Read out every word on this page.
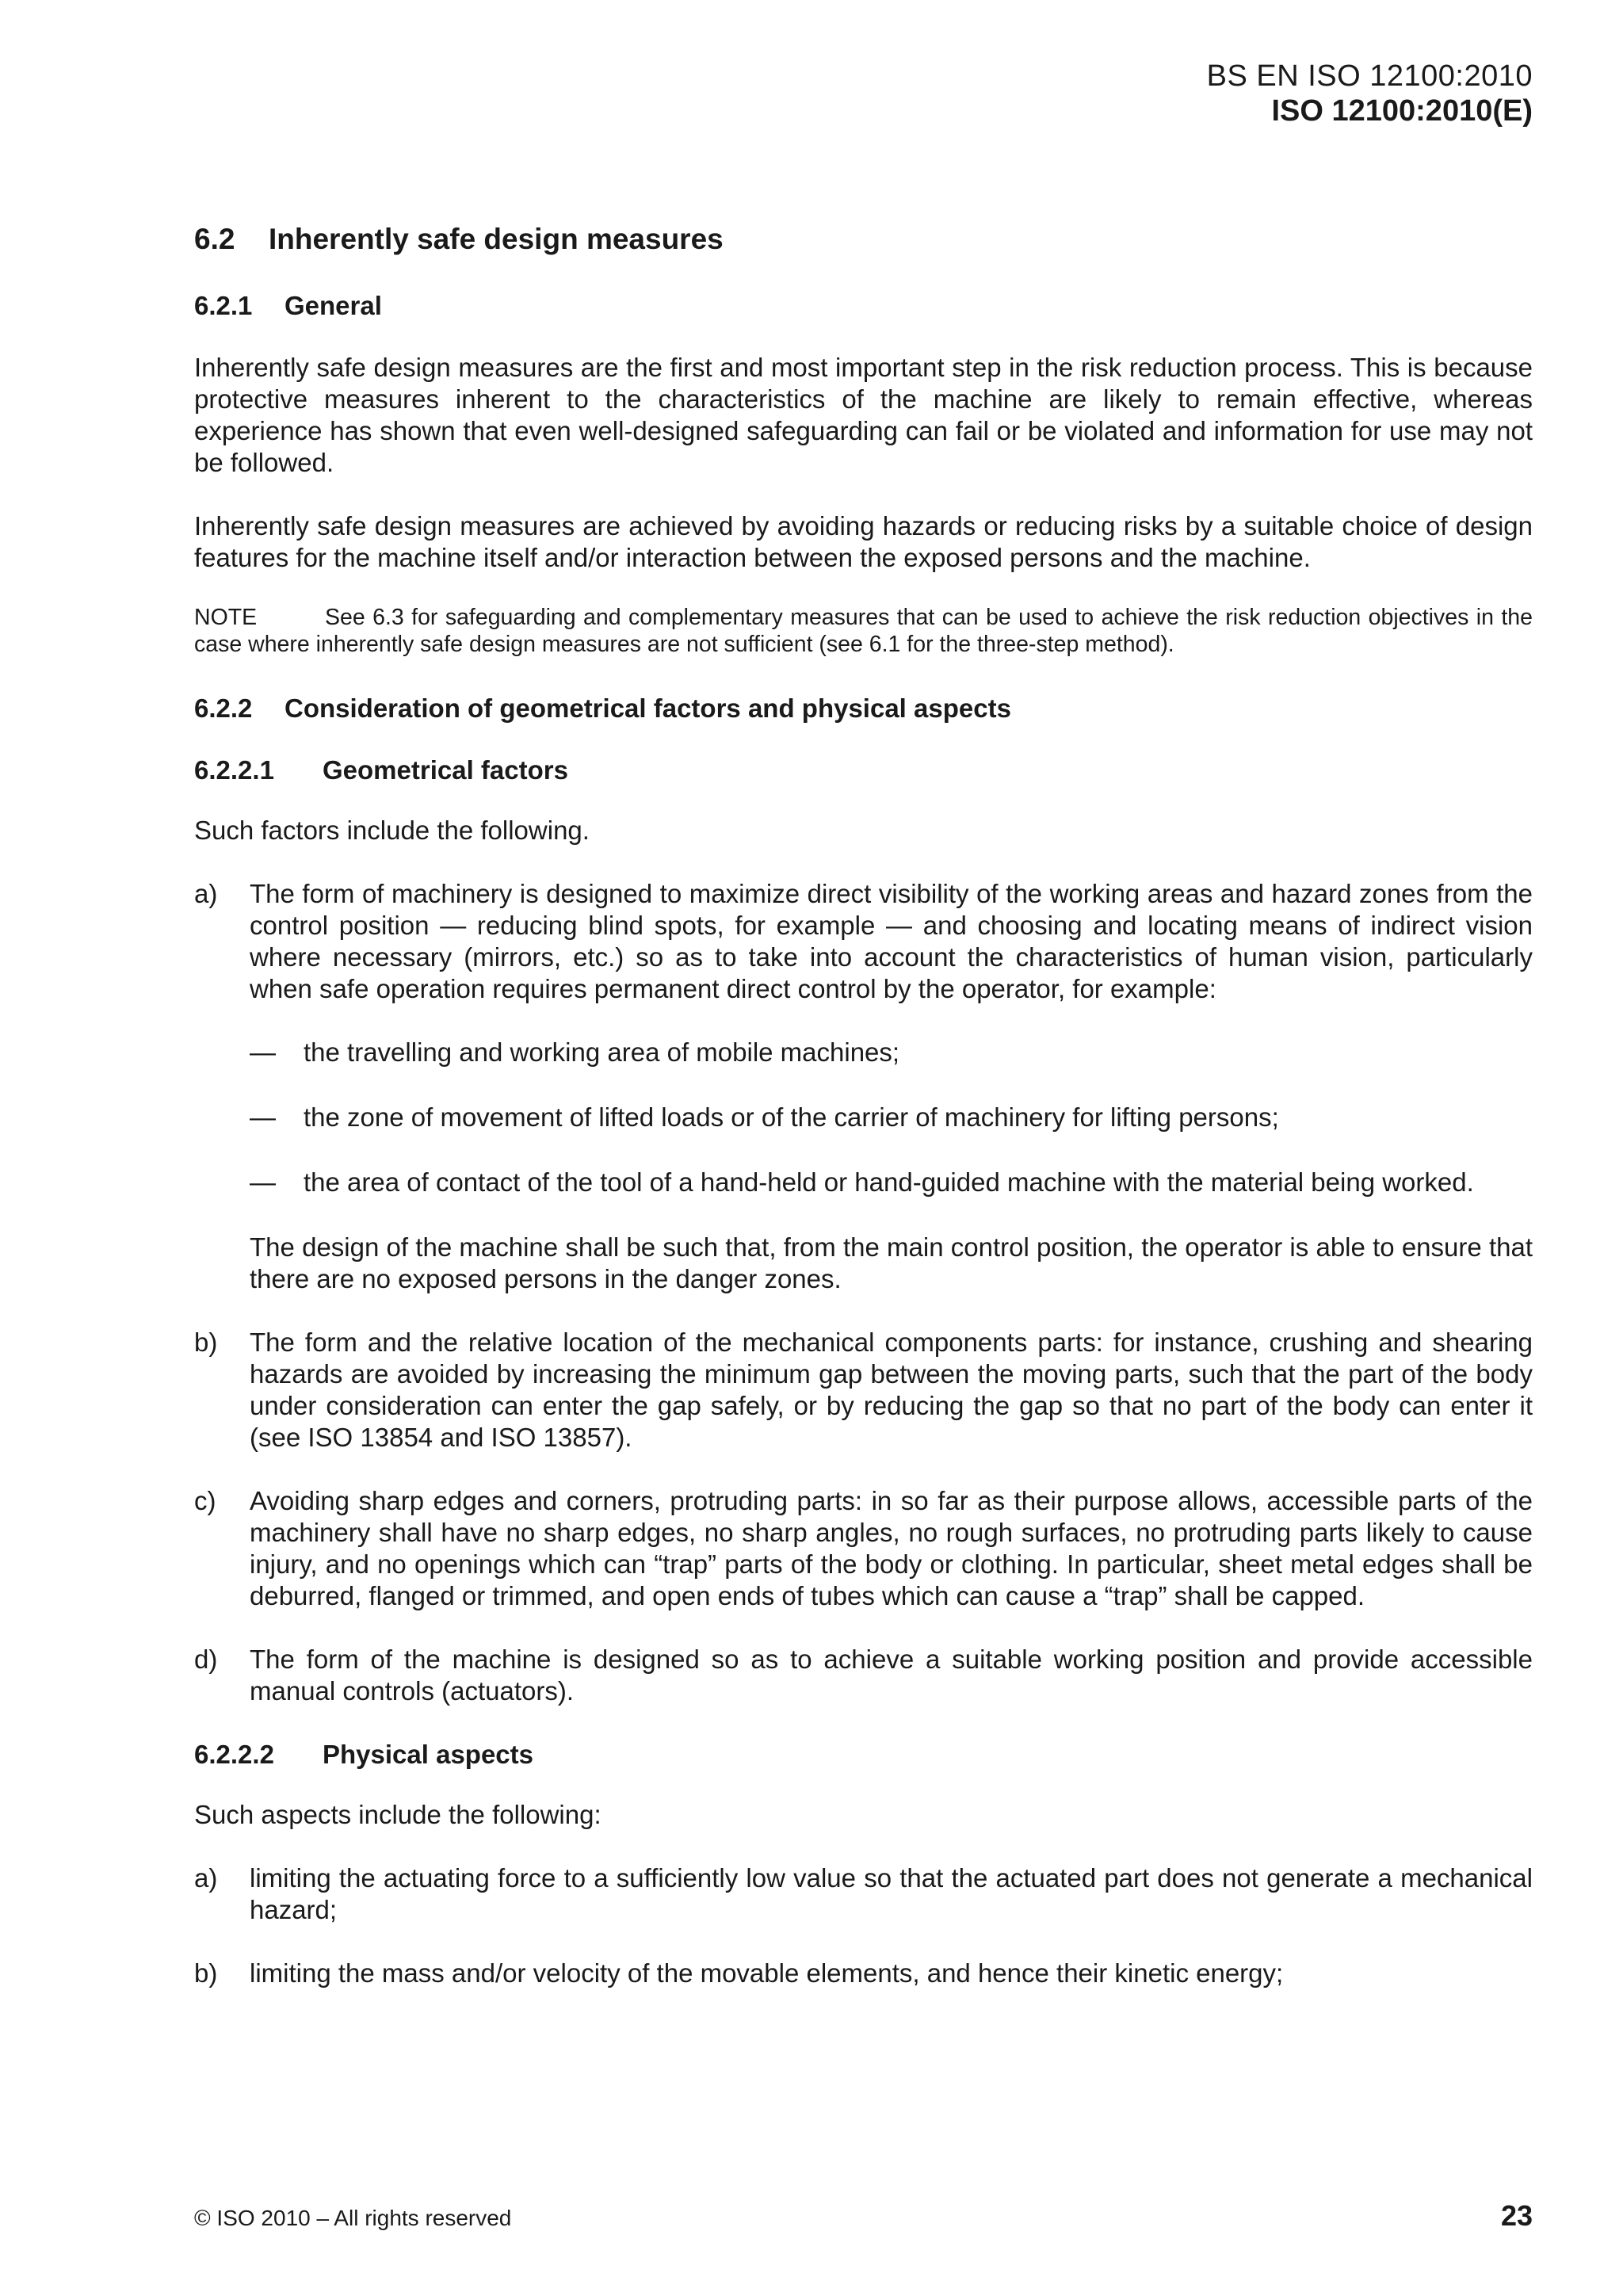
BS EN ISO 12100:2010
ISO 12100:2010(E)
6.2 Inherently safe design measures
6.2.1 General

Inherently safe design measures are the first and most important step in the risk reduction process. This is because protective measures inherent to the characteristics of the machine are likely to remain effective, whereas experience has shown that even well-designed safeguarding can fail or be violated and information for use may not be followed.

Inherently safe design measures are achieved by avoiding hazards or reducing risks by a suitable choice of design features for the machine itself and/or interaction between the exposed persons and the machine.

NOTE	See 6.3 for safeguarding and complementary measures that can be used to achieve the risk reduction objectives in the case where inherently safe design measures are not sufficient (see 6.1 for the three-step method).
6.2.2 Consideration of geometrical factors and physical aspects
6.2.2.1 Geometrical factors

Such factors include the following.

a) The form of machinery is designed to maximize direct visibility of the working areas and hazard zones from the control position — reducing blind spots, for example — and choosing and locating means of indirect vision where necessary (mirrors, etc.) so as to take into account the characteristics of human vision, particularly when safe operation requires permanent direct control by the operator, for example:

— the travelling and working area of mobile machines;
— the zone of movement of lifted loads or of the carrier of machinery for lifting persons;
— the area of contact of the tool of a hand-held or hand-guided machine with the material being worked.

The design of the machine shall be such that, from the main control position, the operator is able to ensure that there are no exposed persons in the danger zones.

b) The form and the relative location of the mechanical components parts: for instance, crushing and shearing hazards are avoided by increasing the minimum gap between the moving parts, such that the part of the body under consideration can enter the gap safely, or by reducing the gap so that no part of the body can enter it (see ISO 13854 and ISO 13857).

c) Avoiding sharp edges and corners, protruding parts: in so far as their purpose allows, accessible parts of the machinery shall have no sharp edges, no sharp angles, no rough surfaces, no protruding parts likely to cause injury, and no openings which can “trap” parts of the body or clothing. In particular, sheet metal edges shall be deburred, flanged or trimmed, and open ends of tubes which can cause a “trap” shall be capped.

d) The form of the machine is designed so as to achieve a suitable working position and provide accessible manual controls (actuators).

6.2.2.2 Physical aspects

Such aspects include the following:

a) limiting the actuating force to a sufficiently low value so that the actuated part does not generate a mechanical hazard;

b) limiting the mass and/or velocity of the movable elements, and hence their kinetic energy;

© ISO 2010 – All rights reserved	23
